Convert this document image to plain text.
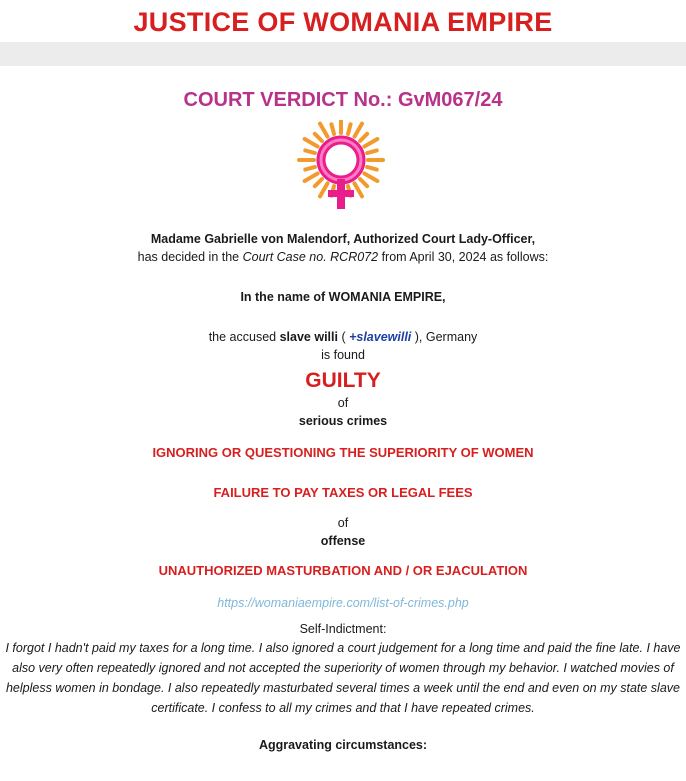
JUSTICE OF WOMANIA EMPIRE
COURT VERDICT No.: GvM067/24
Madame Gabrielle von Malendorf, Authorized Court Lady-Officer,
has decided in the Court Case no. RCR072 from April 30, 2024 as follows:
In the name of WOMANIA EMPIRE,
the accused slave willi ( +slavewilli ), Germany
is found
GUILTY
of
serious crimes
IGNORING OR QUESTIONING THE SUPERIORITY OF WOMEN
FAILURE TO PAY TAXES OR LEGAL FEES
of
offense
UNAUTHORIZED MASTURBATION AND / OR EJACULATION
https://womaniaempire.com/list-of-crimes.php
Self-Indictment:
I forgot I hadn't paid my taxes for a long time. I also ignored a court judgement for a long time and paid the fine late. I have also very often repeatedly ignored and not accepted the superiority of women through my behavior. I watched movies of helpless women in bondage. I also repeatedly masturbated several times a week until the end and even on my state slave certificate. I confess to all my crimes and that I have repeated crimes.
Aggravating circumstances:
